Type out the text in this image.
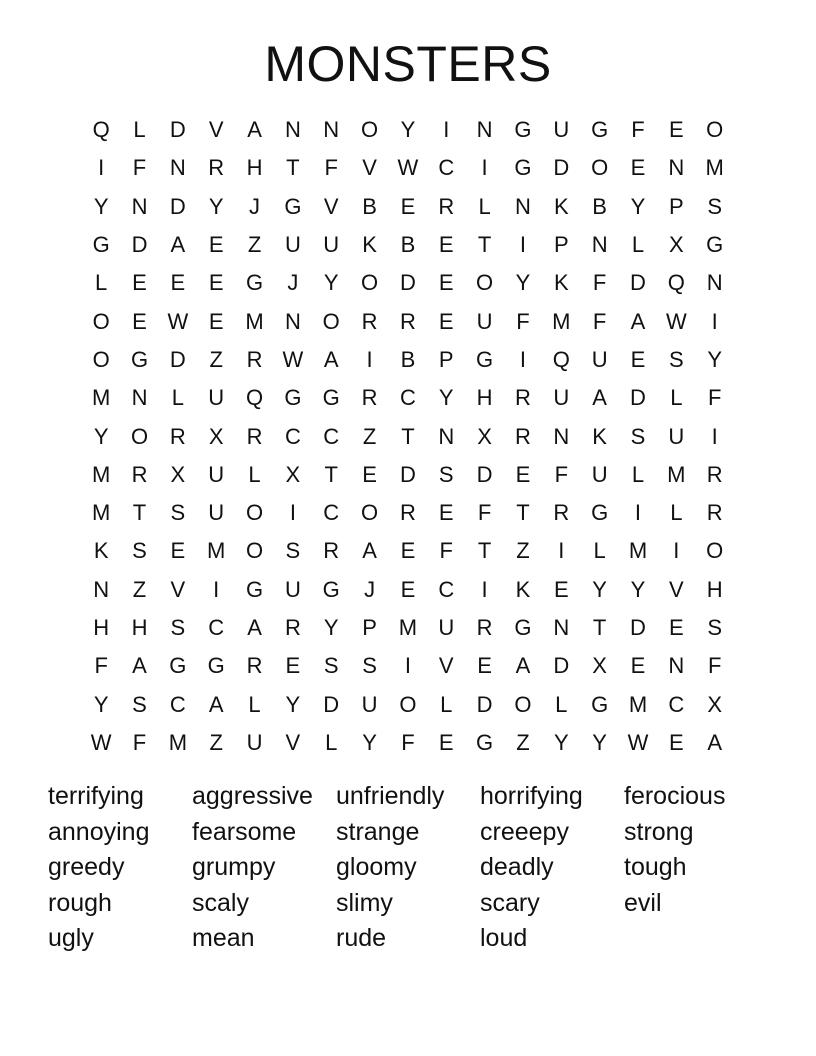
MONSTERS
Q	L	D	V	A	N	N O	Y	I	N G U G	F	E	O
I	F	N	R	H	T	F	V W C	I	G D O	E	N M
Y	N	D	Y	J	G	V	B	E	R	L	N	K	B	Y	P	S
G D	A	E	Z	U	U	K	B	E	T	I	P	N	L	X	G
L	E	E	E	G	J	Y	O D	E	O	Y	K	F	D Q N
O	E W E M N O R	R	E	U	F	M	F	A W	I
O G D	Z	R W A	I	B	P	G	I	Q U	E	S	Y
M N	L	U Q G G R	C	Y	H	R	U	A	D	L	F
Y	O R	X	R	C	C	Z	T	N	X	R	N	K	S	U	I
M R	X	U	L	X	T	E	D	S	D	E	F	U	L	M R
M	T	S	U O	I	C O R	E	F	T	R G	I	L	R
K	S	E M O	S	R	A	E	F	T	Z	I	L	M	I	O
N	Z	V	I	G U G	J	E	C	I	K	E	Y	Y	V	H
H	H	S	C	A	R	Y	P M U	R G N	T	D	E	S
F	A	G G R	E	S	S	I	V	E	A	D	X	E	N	F
Y	S	C	A	L	Y	D	U O	L	D O	L	G M C	X
W F	M	Z	U	V	L	Y	F	E	G	Z	Y	Y W E	A
terrifying	aggressive unfriendly	horrifying	ferocious
annoying	fearsome	strange	creeepy	strong
greedy	grumpy	gloomy	deadly	tough
rough	scaly	slimy	scary	evil
ugly	mean	rude	loud
